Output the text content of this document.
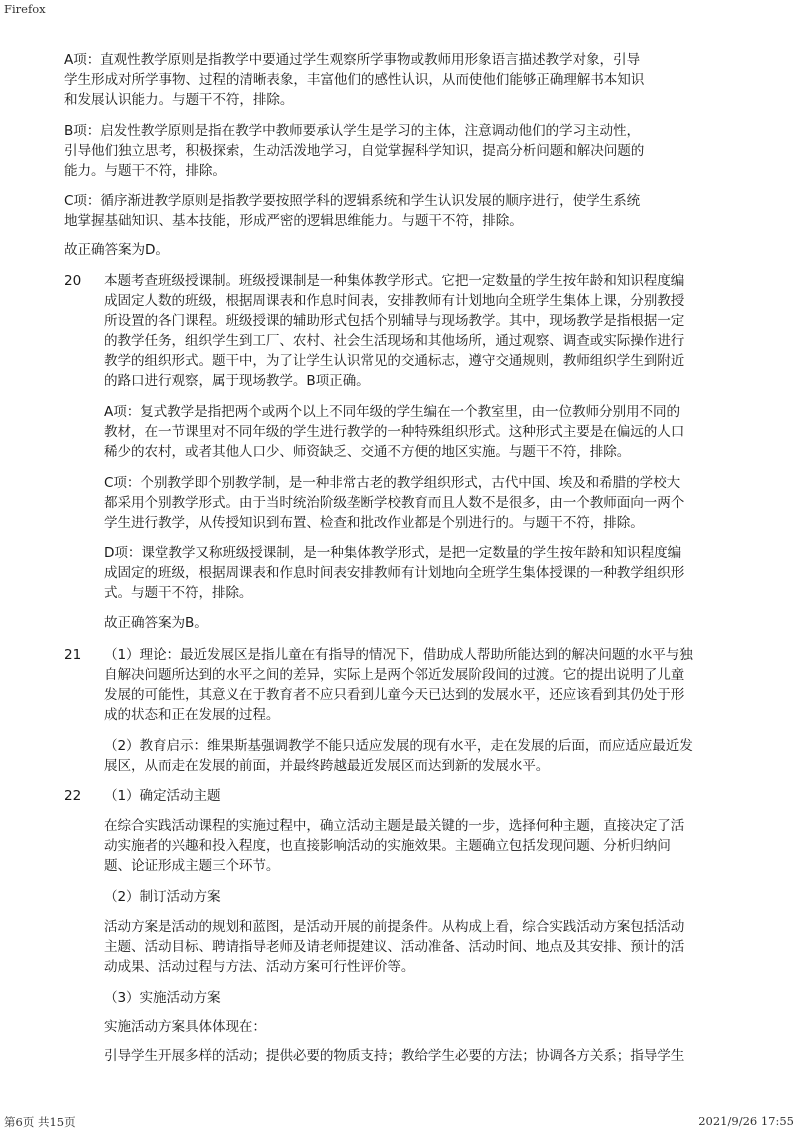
Firefox
A项：直观性教学原则是指教学中要通过学生观察所学事物或教师用形象语言描述教学对象，引导
学生形成对所学事物、过程的清晰表象，丰富他们的感性认识，从而使他们能够正确理解书本知识
和发展认识能力。与题干不符，排除。
B项：启发性教学原则是指在教学中教师要承认学生是学习的主体，注意调动他们的学习主动性，
引导他们独立思考，积极探索，生动活泼地学习，自觉掌握科学知识，提高分析问题和解决问题的
能力。与题干不符，排除。
C项：循序渐进教学原则是指教学要按照学科的逻辑系统和学生认识发展的顺序进行，使学生系统
地掌握基础知识、基本技能，形成严密的逻辑思维能力。与题干不符，排除。
故正确答案为D。
20 本题考查班级授课制。班级授课制是一种集体教学形式。它把一定数量的学生按年龄和知识程度编
成固定人数的班级，根据周课表和作息时间表，安排教师有计划地向全班学生集体上课，分别教授
所设置的各门课程。班级授课的辅助形式包括个别辅导与现场教学。其中，现场教学是指根据一定
的教学任务，组织学生到工厂、农村、社会生活现场和其他场所，通过观察、调查或实际操作进行
教学的组织形式。题干中，为了让学生认识常见的交通标志，遵守交通规则，教师组织学生到附近
的路口进行观察，属于现场教学。B项正确。
A项：复式教学是指把两个或两个以上不同年级的学生编在一个教室里，由一位教师分别用不同的
教材，在一节课里对不同年级的学生进行教学的一种特殊组织形式。这种形式主要是在偏远的人口
稀少的农村，或者其他人口少、师资缺乏、交通不方便的地区实施。与题干不符，排除。
C项：个别教学即个别教学制，是一种非常古老的教学组织形式，古代中国、埃及和希腊的学校大
都采用个别教学形式。由于当时统治阶级垄断学校教育而且人数不是很多，由一个教师面向一两个
学生进行教学，从传授知识到布置、检查和批改作业都是个别进行的。与题干不符，排除。
D项：课堂教学又称班级授课制，是一种集体教学形式，是把一定数量的学生按年龄和知识程度编
成固定的班级，根据周课表和作息时间表安排教师有计划地向全班学生集体授课的一种教学组织形
式。与题干不符，排除。
故正确答案为B。
21 （1）理论：最近发展区是指儿童在有指导的情况下，借助成人帮助所能达到的解决问题的水平与独
自解决问题所达到的水平之间的差异，实际上是两个邻近发展阶段间的过渡。它的提出说明了儿童
发展的可能性，其意义在于教育者不应只看到儿童今天已达到的发展水平，还应该看到其仍处于形
成的状态和正在发展的过程。
（2）教育启示：维果斯基强调教学不能只适应发展的现有水平，走在发展的后面，而应适应最近发
展区，从而走在发展的前面，并最终跨越最近发展区而达到新的发展水平。
22 （1）确定活动主题
在综合实践活动课程的实施过程中，确立活动主题是最关键的一步，选择何种主题，直接决定了活
动实施者的兴趣和投入程度，也直接影响活动的实施效果。主题确立包括发现问题、分析归纳问
题、论证形成主题三个环节。
（2）制订活动方案
活动方案是活动的规划和蓝图，是活动开展的前提条件。从构成上看，综合实践活动方案包括活动
主题、活动目标、聘请指导老师及请老师提建议、活动准备、活动时间、地点及其安排、预计的活
动成果、活动过程与方法、活动方案可行性评价等。
（3）实施活动方案
实施活动方案具体体现在：
引导学生开展多样的活动；提供必要的物质支持；教给学生必要的方法；协调各方关系；指导学生
第6页 共15页	2021/9/26 17:55
